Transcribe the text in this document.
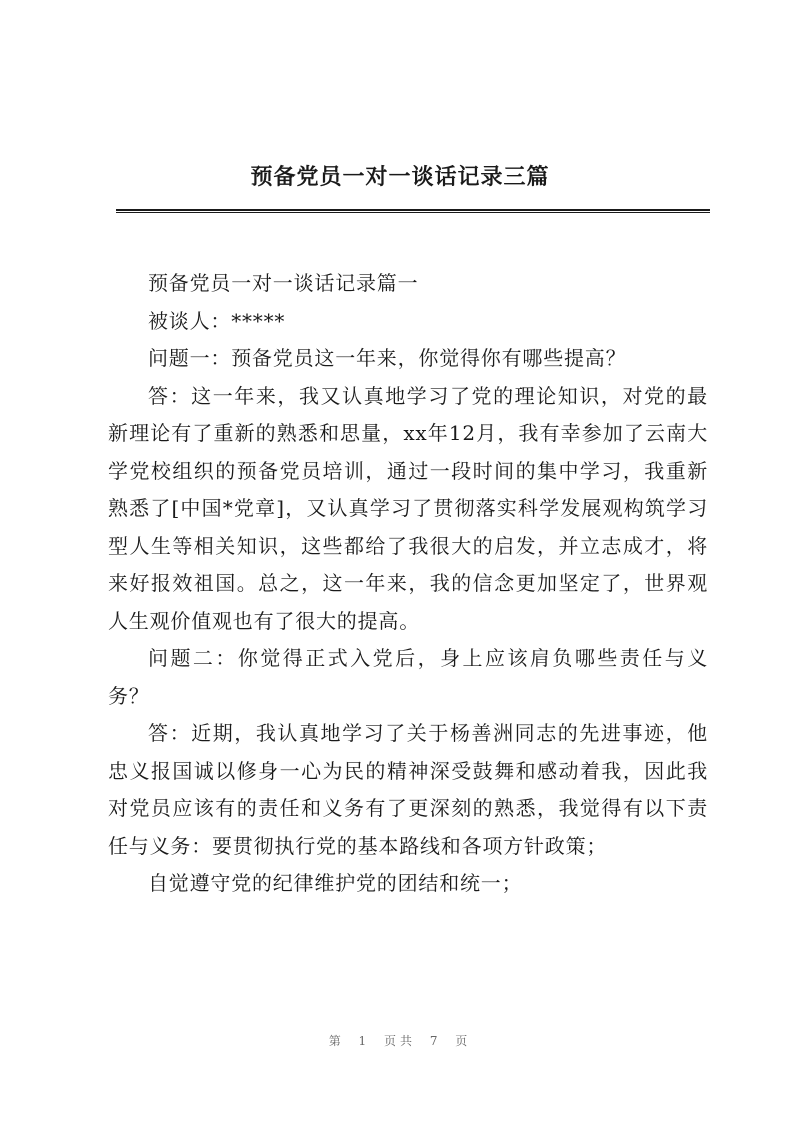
预备党员一对一谈话记录三篇

预备党员一对一谈话记录篇一

被谈人：*****

问题一：预备党员这一年来，你觉得你有哪些提高？

答：这一年来，我又认真地学习了党的理论知识，对党的最新理论有了重新的熟悉和思量，xx年12月，我有幸参加了云南大学党校组织的预备党员培训，通过一段时间的集中学习，我重新熟悉了[中国*党章]，又认真学习了贯彻落实科学发展观构筑学习型人生等相关知识，这些都给了我很大的启发，并立志成才，将来好报效祖国。总之，这一年来，我的信念更加坚定了，世界观人生观价值观也有了很大的提高。

问题二：你觉得正式入党后，身上应该肩负哪些责任与义务？

答：近期，我认真地学习了关于杨善洲同志的先进事迹，他忠义报国诚以修身一心为民的精神深受鼓舞和感动着我，因此我对党员应该有的责任和义务有了更深刻的熟悉，我觉得有以下责任与义务：要贯彻执行党的基本路线和各项方针政策；

自觉遵守党的纪律维护党的团结和统一；

第 1 页共 7 页
